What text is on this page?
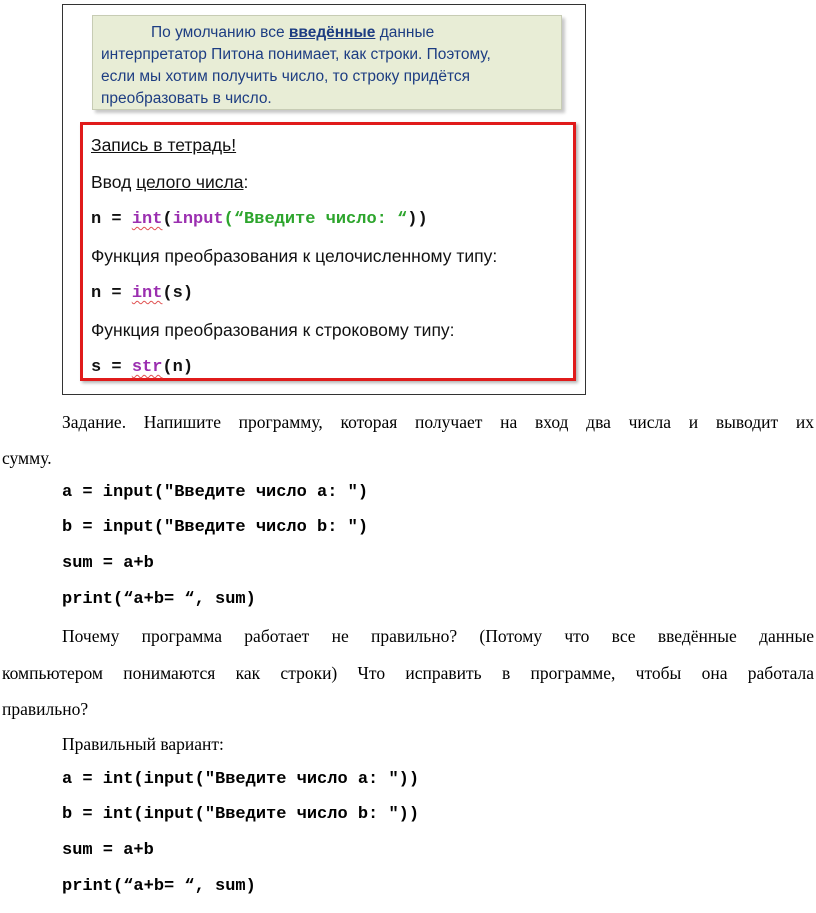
По умолчанию все введённые данные
интерпретатор Питона понимает, как строки. Поэтому,
если мы хотим получить число, то строку придётся
преобразовать в число.
Запись в тетрадь!
Ввод целого числа:
n = int(input(“Введите число: “))
Функция преобразования к целочисленному типу:
n = int(s)
Функция преобразования к строковому типу:
s = str(n)
Задание. Напишите программу, которая получает на вход два числа и выводит их
сумму.
a = input("Введите число a: ")
b = input("Введите число b: ")
sum = a+b
print(“a+b= “, sum)
Почему программа работает не правильно? (Потому что все введённые данные
компьютером понимаются как строки) Что исправить в программе, чтобы она работала
правильно?
Правильный вариант:
a = int(input("Введите число a: "))
b = int(input("Введите число b: "))
sum = a+b
print(“a+b= “, sum)
